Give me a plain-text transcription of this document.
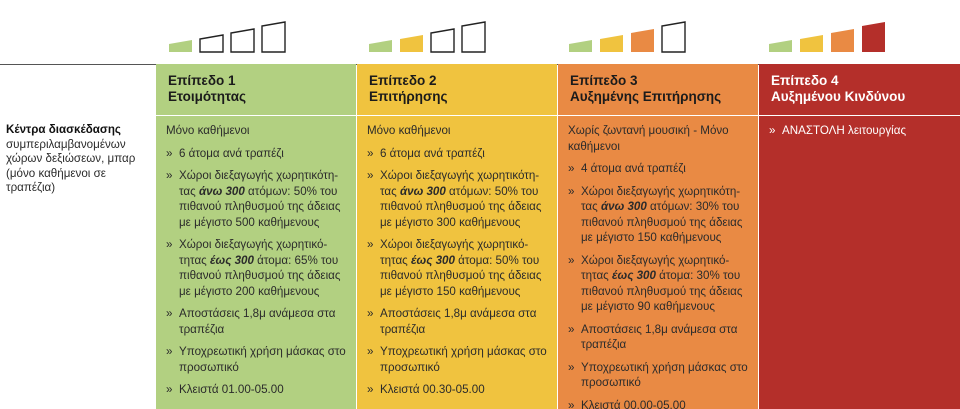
Κέντρα διασκέδασης
συμπεριλαμβανομένων χώρων δεξιώσεων, μπαρ (μόνο καθήμενοι σε τραπέζια)
Επίπεδο 1
Ετοιμότητας
Μόνο καθήμενοι
» 6 άτομα ανά τραπέζι
» Χώροι διεξαγωγής χωρητικότη-τας άνω 300 ατόμων: 50% του πιθανού πληθυσμού της άδειας με μέγιστο 500 καθήμενους
» Χώροι διεξαγωγής χωρητικό-τητας έως 300 άτομα: 65% του πιθανού πληθυσμού της άδειας με μέγιστο 200 καθήμενους
» Αποστάσεις 1,8μ ανάμεσα στα τραπέζια
» Υποχρεωτική χρήση μάσκας στο προσωπικό
» Κλειστά 01.00-05.00
Επίπεδο 2
Επιτήρησης
Μόνο καθήμενοι
» 6 άτομα ανά τραπέζι
» Χώροι διεξαγωγής χωρητικότη-τας άνω 300 ατόμων: 50% του πιθανού πληθυσμού της άδειας με μέγιστο 300 καθήμενους
» Χώροι διεξαγωγής χωρητικό-τητας έως 300 άτομα: 50% του πιθανού πληθυσμού της άδειας με μέγιστο 150 καθήμενους
» Αποστάσεις 1,8μ ανάμεσα στα τραπέζια
» Υποχρεωτική χρήση μάσκας στο προσωπικό
» Κλειστά 00.30-05.00
Επίπεδο 3
Αυξημένης Επιτήρησης
Χωρίς ζωντανή μουσική - Μόνο καθήμενοι
» 4 άτομα ανά τραπέζι
» Χώροι διεξαγωγής χωρητικότη-τας άνω 300 ατόμων: 30% του πιθανού πληθυσμού της άδειας με μέγιστο 150 καθήμενους
» Χώροι διεξαγωγής χωρητικό-τητας έως 300 άτομα: 30% του πιθανού πληθυσμού της άδειας με μέγιστο 90 καθήμενους
» Αποστάσεις 1,8μ ανάμεσα στα τραπέζια
» Υποχρεωτική χρήση μάσκας στο προσωπικό
» Κλειστά 00.00-05.00
Επίπεδο 4
Αυξημένου Κινδύνου
» ΑΝΑΣΤΟΛΗ λειτουργίας
